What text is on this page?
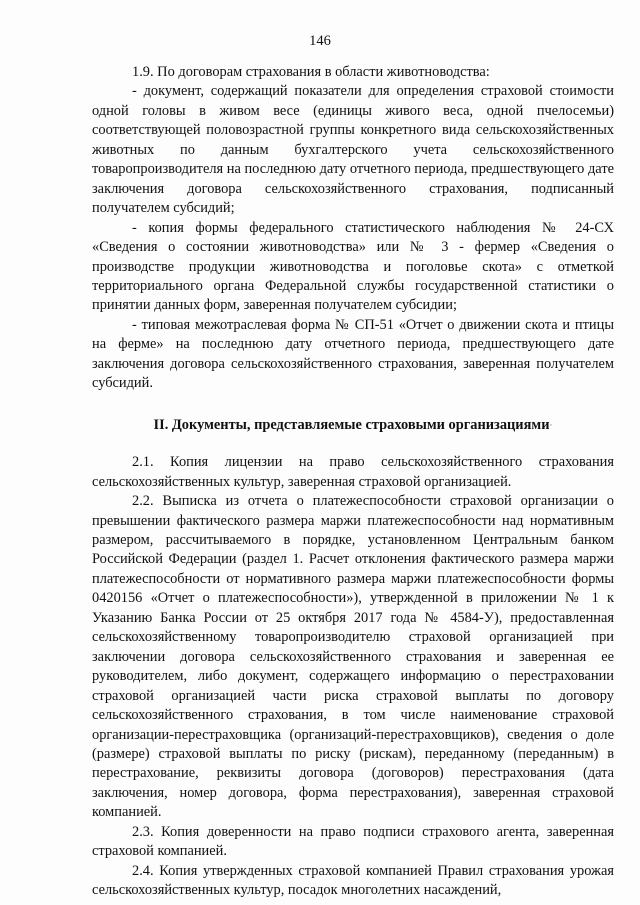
146

1.9. По договорам страхования в области животноводства:

- документ, содержащий показатели для определения страховой стоимости одной головы в живом весе (единицы живого веса, одной пчелосемьи) соответствующей половозрастной группы конкретного вида сельскохозяйственных животных по данным бухгалтерского учета сельскохозяйственного товаропроизводителя на последнюю дату отчетного периода, предшествующего дате заключения договора сельскохозяйственного страхования, подписанный получателем субсидий;

- копия формы федерального статистического наблюдения № 24-СХ «Сведения о состоянии животноводства» или № 3 - фермер «Сведения о производстве продукции животноводства и поголовье скота» с отметкой территориального органа Федеральной службы государственной статистики о принятии данных форм, заверенная получателем субсидии;

- типовая межотраслевая форма № СП-51 «Отчет о движении скота и птицы на ферме» на последнюю дату отчетного периода, предшествующего дате заключения договора сельскохозяйственного страхования, заверенная получателем субсидий.

II. Документы, представляемые страховыми организациями·

2.1. Копия лицензии на право сельскохозяйственного страхования сельскохозяйственных культур, заверенная страховой организацией.

2.2. Выписка из отчета о платежеспособности страховой организации о превышении фактического размера маржи платежеспособности над нормативным размером, рассчитываемого в порядке, установленном Центральным банком Российской Федерации (раздел 1. Расчет отклонения фактического размера маржи платежеспособности от нормативного размера маржи платежеспособности формы 0420156 «Отчет о платежеспособности»), утвержденной в приложении № 1 к Указанию Банка России от 25 октября 2017 года № 4584-У), предоставленная сельскохозяйственному товаропроизводителю страховой организацией при заключении договора сельскохозяйственного страхования и заверенная ее руководителем, либо документ, содержащего информацию о перестраховании страховой организацией части риска страховой выплаты по договору сельскохозяйственного страхования, в том числе наименование страховой организации-перестраховщика (организаций-перестраховщиков), сведения о доле (размере) страховой выплаты по риску (рискам), переданному (переданным) в перестрахование, реквизиты договора (договоров) перестрахования (дата заключения, номер договора, форма перестрахования), заверенная страховой компанией.

2.3. Копия доверенности на право подписи страхового агента, заверенная страховой компанией.

2.4. Копия утвержденных страховой компанией Правил страхования урожая сельскохозяйственных культур, посадок многолетних насаждений,
